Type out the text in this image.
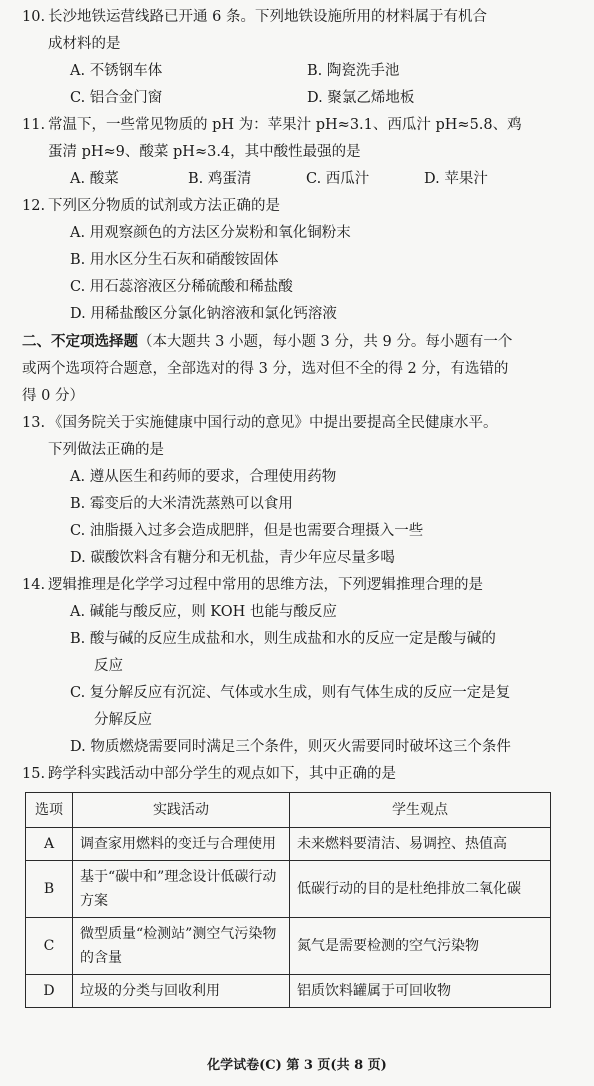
10. 长沙地铁运营线路已开通 6 条。下列地铁设施所用的材料属于有机合
成材料的是
A. 不锈钢车体	B. 陶瓷洗手池
C. 铝合金门窗	D. 聚氯乙烯地板
11. 常温下，一些常见物质的 pH 为：苹果汁 pH≈3.1、西瓜汁 pH≈5.8、鸡
蛋清 pH≈9、酸菜 pH≈3.4，其中酸性最强的是
A. 酸菜	B. 鸡蛋清	C. 西瓜汁	D. 苹果汁
12. 下列区分物质的试剂或方法正确的是
A. 用观察颜色的方法区分炭粉和氧化铜粉末
B. 用水区分生石灰和硝酸铵固体
C. 用石蕊溶液区分稀硫酸和稀盐酸
D. 用稀盐酸区分氯化钠溶液和氯化钙溶液
二、不定项选择题（本大题共 3 小题，每小题 3 分，共 9 分。每小题有一个
或两个选项符合题意，全部选对的得 3 分，选对但不全的得 2 分，有选错的
得 0 分）
13. 《国务院关于实施健康中国行动的意见》中提出要提高全民健康水平。
下列做法正确的是
A. 遵从医生和药师的要求，合理使用药物
B. 霉变后的大米清洗蒸熟可以食用
C. 油脂摄入过多会造成肥胖，但是也需要合理摄入一些
D. 碳酸饮料含有糖分和无机盐，青少年应尽量多喝
14. 逻辑推理是化学学习过程中常用的思维方法，下列逻辑推理合理的是
A. 碱能与酸反应，则 KOH 也能与酸反应
B. 酸与碱的反应生成盐和水，则生成盐和水的反应一定是酸与碱的
反应
C. 复分解反应有沉淀、气体或水生成，则有气体生成的反应一定是复
分解反应
D. 物质燃烧需要同时满足三个条件，则灭火需要同时破坏这三个条件
15. 跨学科实践活动中部分学生的观点如下，其中正确的是
选项	实践活动	学生观点
A	调查家用燃料的变迁与合理使用	未来燃料要清洁、易调控、热值高
B	基于“碳中和”理念设计低碳行动方案	低碳行动的目的是杜绝排放二氧化碳
C	微型质量“检测站”测空气污染物的含量	氮气是需要检测的空气污染物
D	垃圾的分类与回收利用	铝质饮料罐属于可回收物
化学试卷(C) 第 3 页(共 8 页)
